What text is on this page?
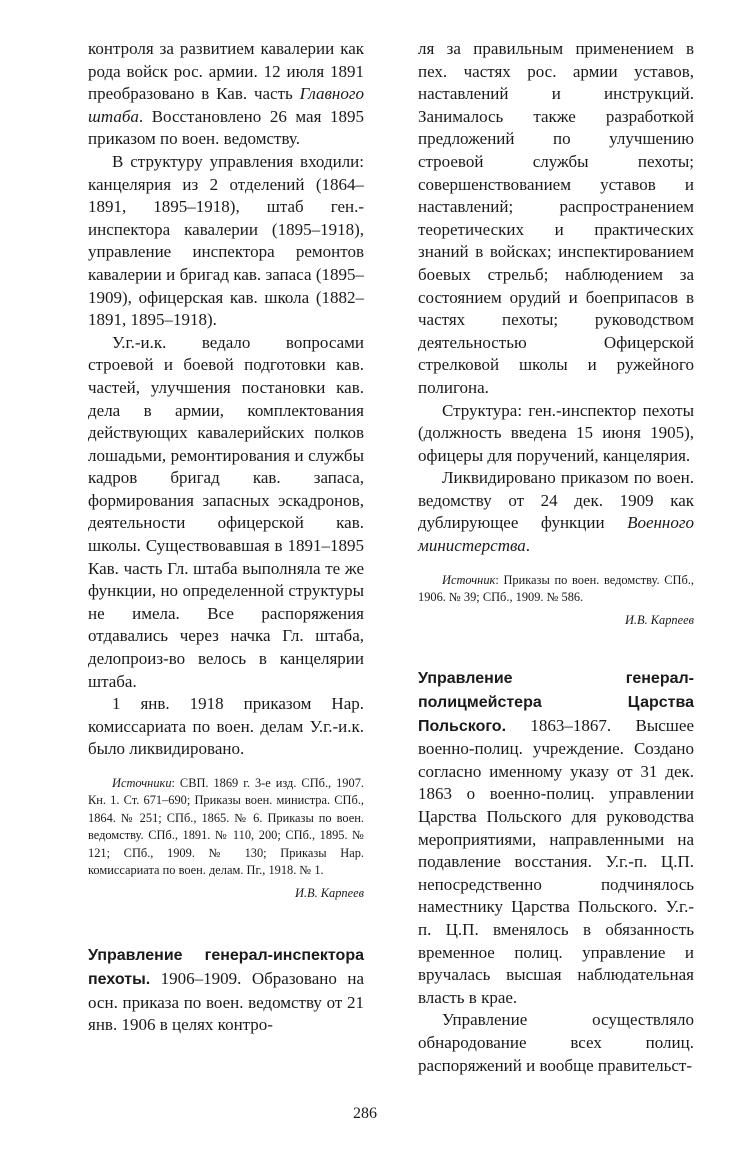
контроля за развитием кавалерии как рода войск рос. армии. 12 июля 1891 преобразовано в Кав. часть Главного штаба. Восстановлено 26 мая 1895 приказом по воен. ведомству.

В структуру управления входили: канцелярия из 2 отделений (1864–1891, 1895–1918), штаб ген.-инспектора кавалерии (1895–1918), управление инспектора ремонтов кавалерии и бригад кав. запаса (1895–1909), офицерская кав. школа (1882–1891, 1895–1918).

У.г.-и.к. ведало вопросами строевой и боевой подготовки кав. частей, улучшения постановки кав. дела в армии, комплектования действующих кавалерийских полков лошадьми, ремонтирования и службы кадров бригад кав. запаса, формирования запасных эскадронов, деятельности офицерской кав. школы. Существовавшая в 1891–1895 Кав. часть Гл. штаба выполняла те же функции, но определенной структуры не имела. Все распоряжения отдавались через начка Гл. штаба, делопроиз-во велось в канцелярии штаба.

1 янв. 1918 приказом Нар. комиссариата по воен. делам У.г.-и.к. было ликвидировано.

Источники: СВП. 1869 г. 3-е изд. СПб., 1907. Кн. 1. Ст. 671–690; Приказы воен. министра. СПб., 1864. № 251; СПб., 1865. № 6. Приказы по воен. ведомству. СПб., 1891. № 110, 200; СПб., 1895. № 121; СПб., 1909. № 130; Приказы Нар. комиссариата по воен. делам. Пг., 1918. № 1.

И.В. Карпеев

Управление генерал-инспектора пехоты. 1906–1909. Образовано на осн. приказа по воен. ведомству от 21 янв. 1906 в целях контро-

ля за правильным применением в пех. частях рос. армии уставов, наставлений и инструкций. Занималось также разработкой предложений по улучшению строевой службы пехоты; совершенствованием уставов и наставлений; распространением теоретических и практических знаний в войсках; инспектированием боевых стрельб; наблюдением за состоянием орудий и боеприпасов в частях пехоты; руководством деятельностью Офицерской стрелковой школы и ружейного полигона.

Структура: ген.-инспектор пехоты (должность введена 15 июня 1905), офицеры для поручений, канцелярия.

Ликвидировано приказом по воен. ведомству от 24 дек. 1909 как дублирующее функции Военного министерства.

Источник: Приказы по воен. ведомству. СПб., 1906. № 39; СПб., 1909. № 586.

И.В. Карпеев

Управление генерал-полицмейстера Царства Польского. 1863–1867. Высшее военно-полиц. учреждение. Создано согласно именному указу от 31 дек. 1863 о военно-полиц. управлении Царства Польского для руководства мероприятиями, направленными на подавление восстания. У.г.-п. Ц.П. непосредственно подчинялось наместнику Царства Польского. У.г.-п. Ц.П. вменялось в обязанность временное полиц. управление и вручалась высшая наблюдательная власть в крае.

Управление осуществляло обнародование всех полиц. распоряжений и вообще правительст-

286
